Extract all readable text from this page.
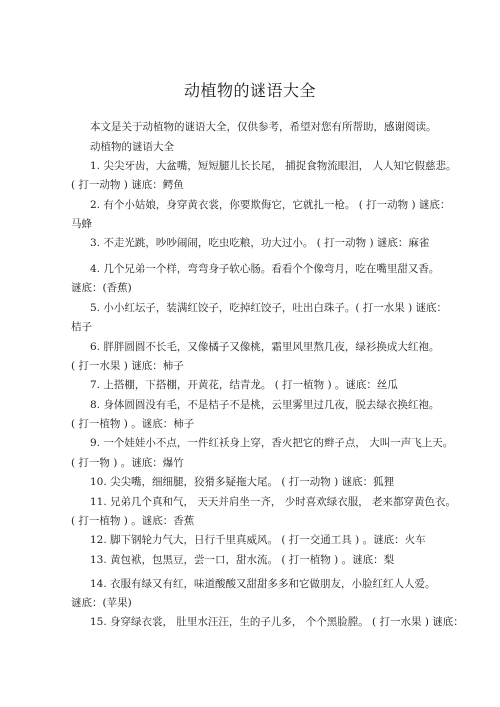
动植物的谜语大全
本文是关于动植物的谜语大全，仅供参考，希望对您有所帮助，感谢阅读。
动植物的谜语大全
1. 尖尖牙齿，大盆嘴，短短腿儿长长尾， 捕捉食物流眼泪， 人人知它假慈悲。
( 打一动物 ) 谜底：鳄鱼
2. 有个小姑娘，身穿黄衣裳，你要欺侮它，它就扎一枪。 ( 打一动物 ) 谜底：
马蜂
3. 不走光跳，吵吵闹闹，吃虫吃粮，功大过小。 ( 打一动物 ) 谜底：麻雀
4. 几个兄弟一个样，弯弯身子软心肠。看看个个像弯月，吃在嘴里甜又香。
谜底：(香蕉)
5. 小小红坛子，装满红饺子，吃掉红饺子，吐出白珠子。( 打一水果 ) 谜底：
桔子
6. 胖胖圆圆不长毛，又像橘子又像桃，霜里风里熬几夜，绿衫换成大红袍。
( 打一水果 ) 谜底：柿子
7. 上搭棚，下搭棚，开黄花，结青龙。 ( 打一植物 ) 。谜底：丝瓜
8. 身体圆圆没有毛，不是桔子不是桃，云里雾里过几夜，脱去绿衣换红袍。
( 打一植物 ) 。谜底：柿子
9. 一个娃娃小不点，一件红袄身上穿，香火把它的辫子点， 大叫一声飞上天。
( 打一物 ) 。谜底：爆竹
10. 尖尖嘴，细细腿，狡猾多疑拖大尾。 ( 打一动物 ) 谜底：狐狸
11. 兄弟几个真和气， 天天并肩坐一齐， 少时喜欢绿衣服， 老来都穿黄色衣。
( 打一植物 ) 。谜底：香蕉
12. 脚下钢轮力气大，日行千里真威风。 ( 打一交通工具 ) 。谜底：火车
13. 黄包袱，包黑豆，尝一口，甜水流。 ( 打一植物 ) 。谜底：梨
14. 衣服有绿又有红，味道酸酸又甜甜多多和它做朋友，小脸红红人人爱。
谜底：(苹果)
15. 身穿绿衣裳， 肚里水汪汪，生的子儿多， 个个黑脸膛。 ( 打一水果 ) 谜底：
